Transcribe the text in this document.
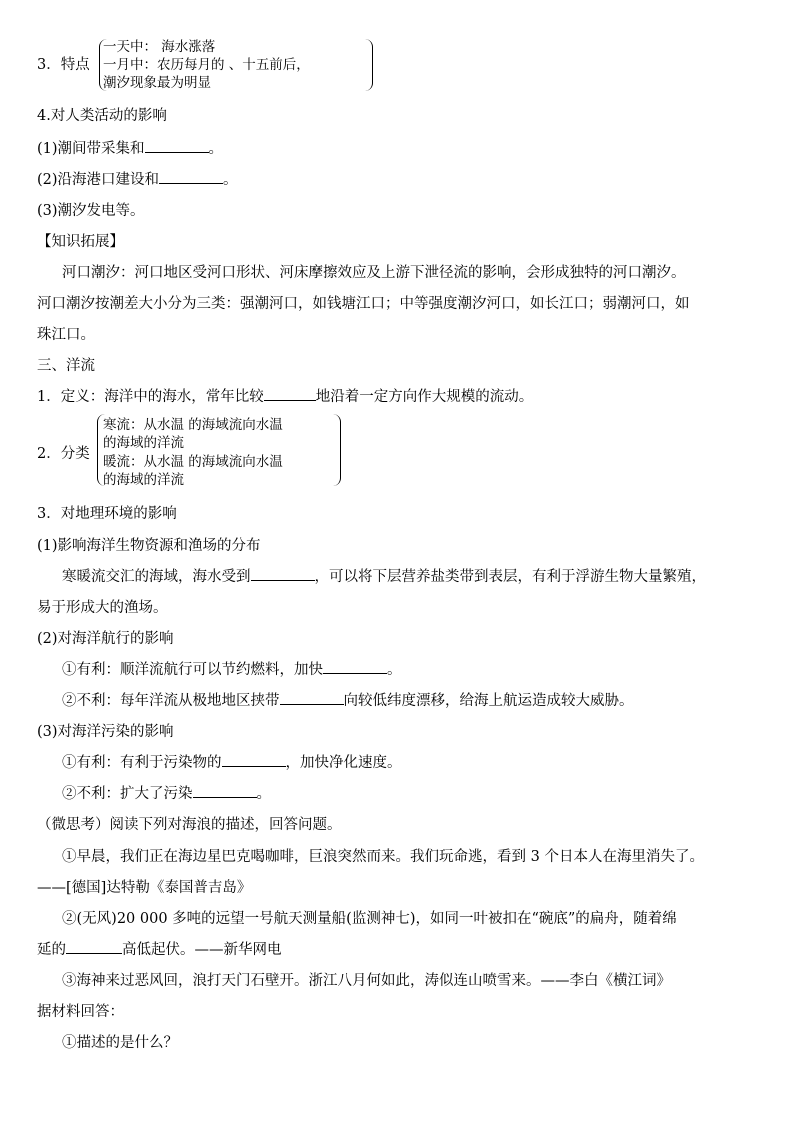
3．特点
一天中： 海水涨落
一月中：农历每月的 、十五前后，
潮汐现象最为明显
4.对人类活动的影响
(1)潮间带采集和	。
(2)沿海港口建设和	。
(3)潮汐发电等。
【知识拓展】
河口潮汐：河口地区受河口形状、河床摩擦效应及上游下泄径流的影响，会形成独特的河口潮汐。
河口潮汐按潮差大小分为三类：强潮河口，如钱塘江口；中等强度潮汐河口，如长江口；弱潮河口，如
珠江口。
三、洋流
1．定义：海洋中的海水，常年比较	地沿着一定方向作大规模的流动。
2．分类
寒流：从水温 的海域流向水温
的海域的洋流
暖流：从水温 的海域流向水温
的海域的洋流
3．对地理环境的影响
(1)影响海洋生物资源和渔场的分布
寒暖流交汇的海域，海水受到	，可以将下层营养盐类带到表层，有利于浮游生物大量繁殖，
易于形成大的渔场。
(2)对海洋航行的影响
①有利：顺洋流航行可以节约燃料，加快	。
②不利：每年洋流从极地地区挟带	向较低纬度漂移，给海上航运造成较大威胁。
(3)对海洋污染的影响
①有利：有利于污染物的	，加快净化速度。
②不利：扩大了污染	。
（微思考）阅读下列对海浪的描述，回答问题。
①早晨，我们正在海边星巴克喝咖啡，巨浪突然而来。我们玩命逃，看到 3 个日本人在海里消失了。
——[德国]达特勒《泰国普吉岛》
②(无风)20 000 多吨的远望一号航天测量船(监测神七)，如同一叶被扣在“碗底”的扁舟，随着绵
延的	高低起伏。——新华网电
③海神来过恶风回，浪打天门石壁开。浙江八月何如此，涛似连山喷雪来。——李白《横江词》
据材料回答：
①描述的是什么？
